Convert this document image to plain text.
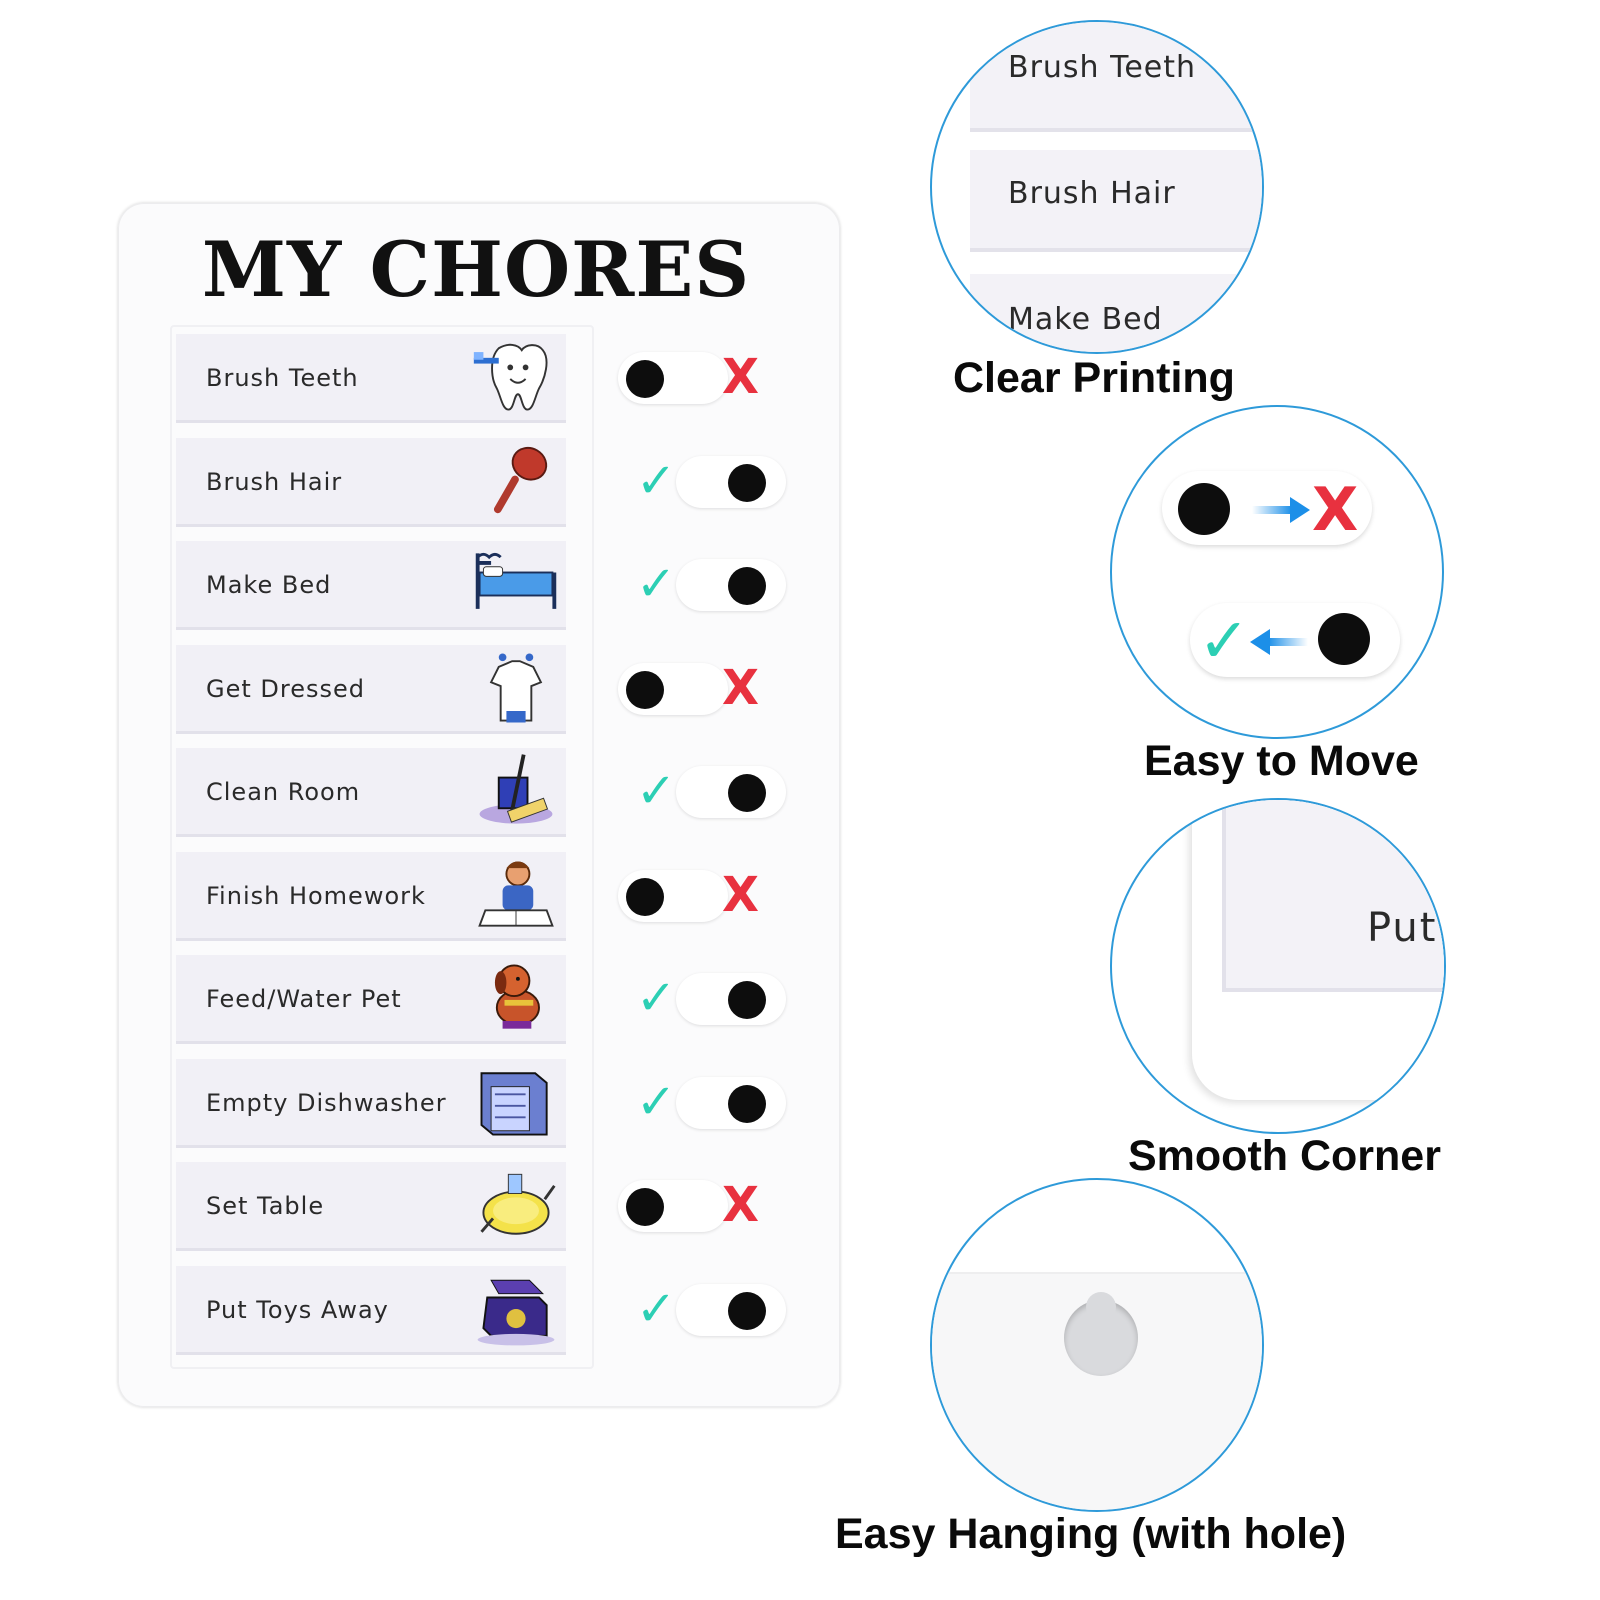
MY CHORES
Brush Teeth	X
Brush Hair	✓
Make Bed	✓
Get Dressed	X
Clean Room	✓
Finish Homework	X
Feed/Water Pet	✓
Empty Dishwasher	✓
Set Table	X
Put Toys Away	✓
Brush Teeth
Brush Hair
Make Bed
Clear Printing
X
✓
Easy to Move
Put
Smooth Corner
Easy Hanging (with hole)
